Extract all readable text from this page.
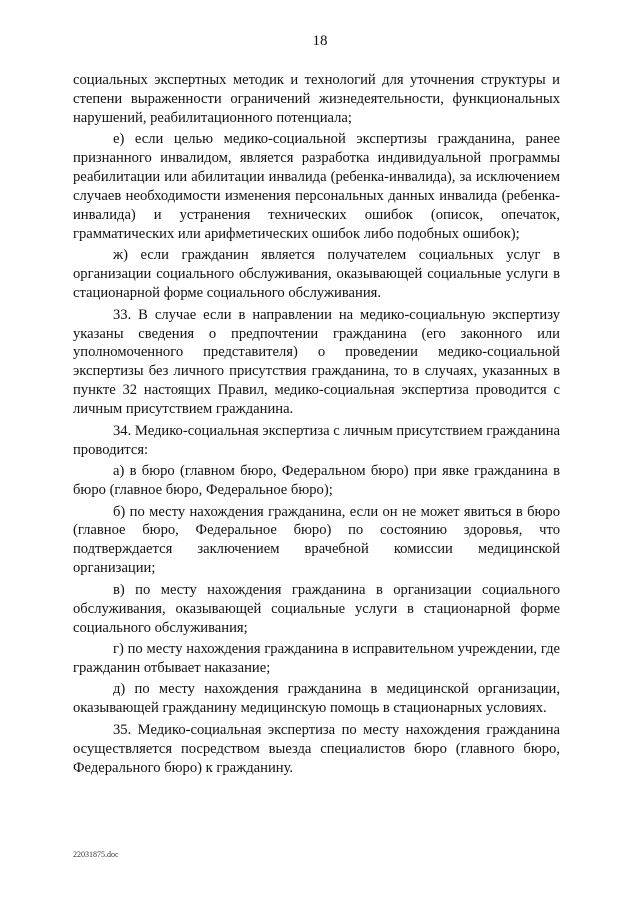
18

социальных экспертных методик и технологий для уточнения структуры и степени выраженности ограничений жизнедеятельности, функциональных нарушений, реабилитационного потенциала;

е) если целью медико-социальной экспертизы гражданина, ранее признанного инвалидом, является разработка индивидуальной программы реабилитации или абилитации инвалида (ребенка-инвалида), за исключением случаев необходимости изменения персональных данных инвалида (ребенка-инвалида) и устранения технических ошибок (описок, опечаток, грамматических или арифметических ошибок либо подобных ошибок);

ж) если гражданин является получателем социальных услуг в организации социального обслуживания, оказывающей социальные услуги в стационарной форме социального обслуживания.

33. В случае если в направлении на медико-социальную экспертизу указаны сведения о предпочтении гражданина (его законного или уполномоченного представителя) о проведении медико-социальной экспертизы без личного присутствия гражданина, то в случаях, указанных в пункте 32 настоящих Правил, медико-социальная экспертиза проводится с личным присутствием гражданина.

34. Медико-социальная экспертиза с личным присутствием гражданина проводится:

а) в бюро (главном бюро, Федеральном бюро) при явке гражданина в бюро (главное бюро, Федеральное бюро);

б) по месту нахождения гражданина, если он не может явиться в бюро (главное бюро, Федеральное бюро) по состоянию здоровья, что подтверждается заключением врачебной комиссии медицинской организации;

в) по месту нахождения гражданина в организации социального обслуживания, оказывающей социальные услуги в стационарной форме социального обслуживания;

г) по месту нахождения гражданина в исправительном учреждении, где гражданин отбывает наказание;

д) по месту нахождения гражданина в медицинской организации, оказывающей гражданину медицинскую помощь в стационарных условиях.

35. Медико-социальная экспертиза по месту нахождения гражданина осуществляется посредством выезда специалистов бюро (главного бюро, Федерального бюро) к гражданину.

22031875.doc
